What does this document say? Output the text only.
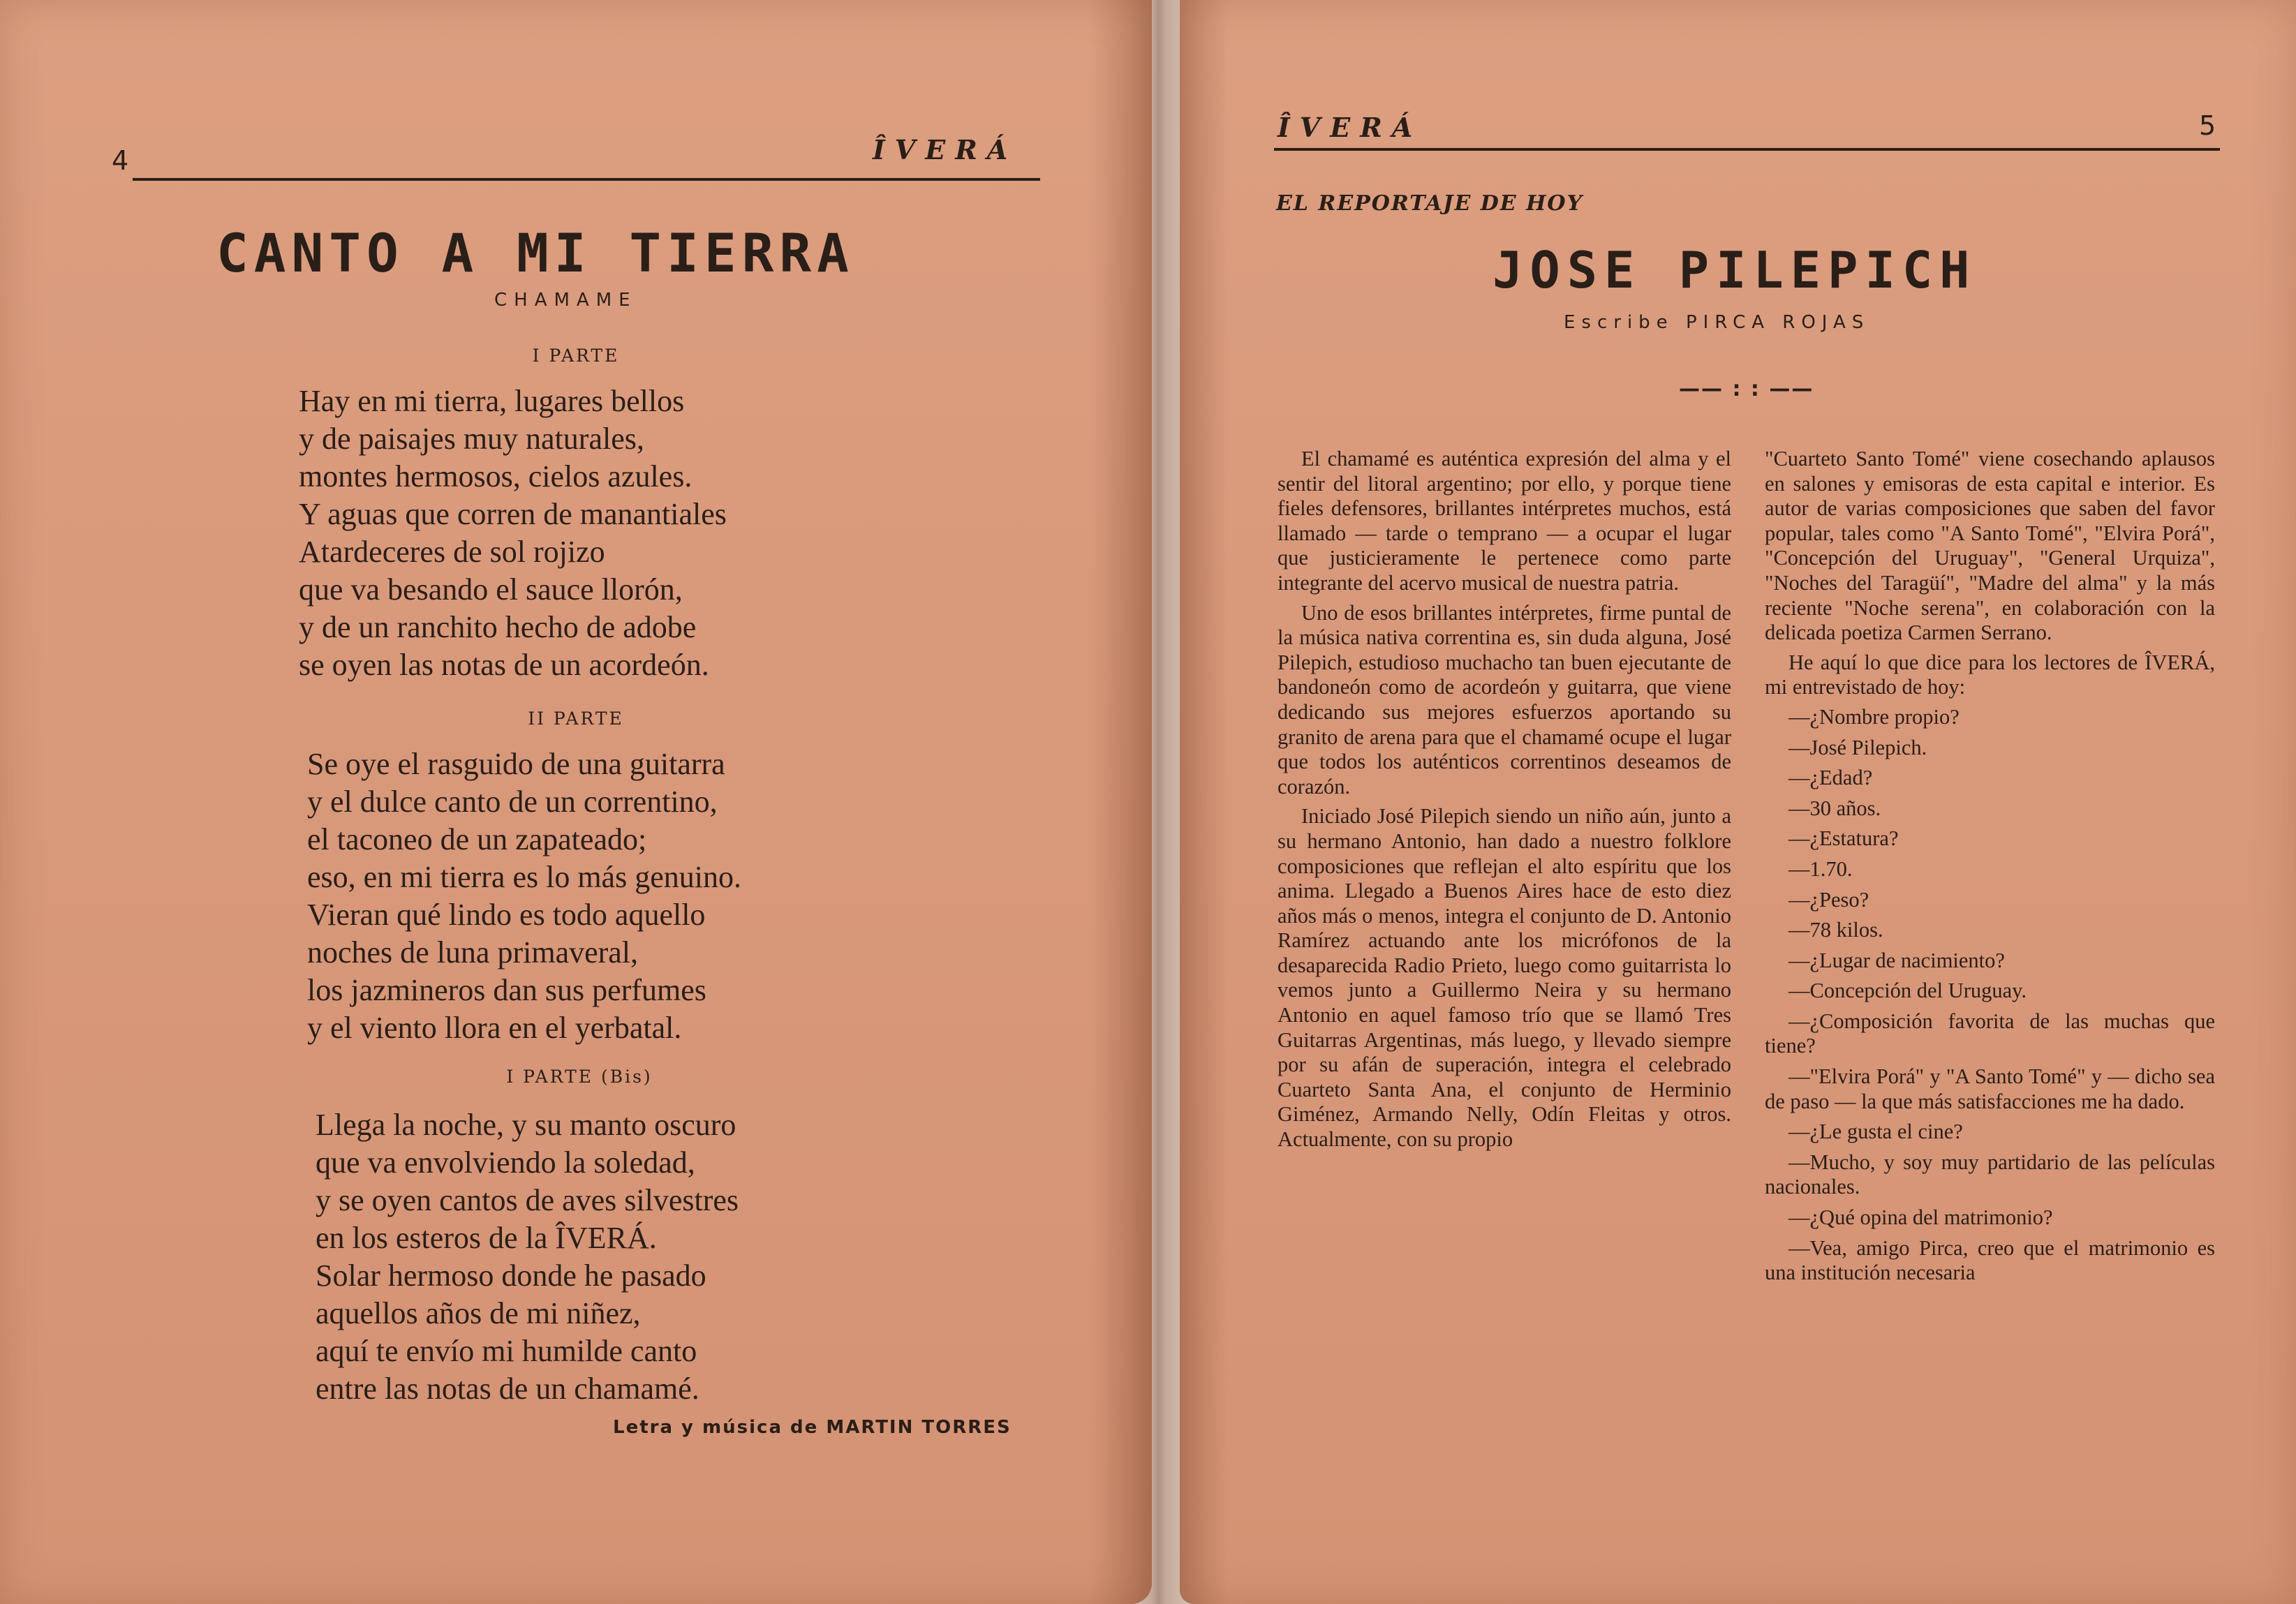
4	ÎVERÁ
CANTO A MI TIERRA
CHAMAME
I PARTE
Hay en mi tierra, lugares bellos
y de paisajes muy naturales,
montes hermosos, cielos azules.
Y aguas que corren de manantiales
Atardeceres de sol rojizo
que va besando el sauce llorón,
y de un ranchito hecho de adobe
se oyen las notas de un acordeón.
II PARTE
Se oye el rasguido de una guitarra
y el dulce canto de un correntino,
el taconeo de un zapateado;
eso, en mi tierra es lo más genuino.
Vieran qué lindo es todo aquello
noches de luna primaveral,
los jazmineros dan sus perfumes
y el viento llora en el yerbatal.
I PARTE (Bis)
Llega la noche, y su manto oscuro
que va envolviendo la soledad,
y se oyen cantos de aves silvestres
en los esteros de la ÎVERÁ.
Solar hermoso donde he pasado
aquellos años de mi niñez,
aquí te envío mi humilde canto
entre las notas de un chamamé.
Letra y música de MARTIN TORRES
ÎVERÁ	5
EL REPORTAJE DE HOY
JOSE PILEPICH
Escribe PIRCA ROJAS
—— : : ——

El chamamé es auténtica expresión del alma y el sentir del litoral argentino; por ello, y porque tiene fieles defensores, brillantes intérpretes muchos, está llamado — tarde o temprano — a ocupar el lugar que justicieramente le pertenece como parte integrante del acervo musical de nuestra patria.

Uno de esos brillantes intérpretes, firme puntal de la música nativa correntina es, sin duda alguna, José Pilepich, estudioso muchacho tan buen ejecutante de bandoneón como de acordeón y guitarra, que viene dedicando sus mejores esfuerzos aportando su granito de arena para que el chamamé ocupe el lugar que todos los auténticos correntinos deseamos de corazón.

Iniciado José Pilepich siendo un niño aún, junto a su hermano Antonio, han dado a nuestro folklore composiciones que reflejan el alto espíritu que los anima. Llegado a Buenos Aires hace de esto diez años más o menos, integra el conjunto de D. Antonio Ramírez actuando ante los micrófonos de la desaparecida Radio Prieto, luego como guitarrista lo vemos junto a Guillermo Neira y su hermano Antonio en aquel famoso trío que se llamó Tres Guitarras Argentinas, más luego, y llevado siempre por su afán de superación, integra el celebrado Cuarteto Santa Ana, el conjunto de Herminio Giménez, Armando Nelly, Odín Fleitas y otros. Actualmente, con su propio

"Cuarteto Santo Tomé" viene cosechando aplausos en salones y emisoras de esta capital e interior. Es autor de varias composiciones que saben del favor popular, tales como "A Santo Tomé", "Elvira Porá", "Concepción del Uruguay", "General Urquiza", "Noches del Taragüí", "Madre del alma" y la más reciente "Noche serena", en colaboración con la delicada poetiza Carmen Serrano.

He aquí lo que dice para los lectores de ÎVERÁ, mi entrevistado de hoy:

—¿Nombre propio?

—José Pilepich.

—¿Edad?

—30 años.

—¿Estatura?

—1.70.

—¿Peso?

—78 kilos.

—¿Lugar de nacimiento?

—Concepción del Uruguay.

—¿Composición favorita de las muchas que tiene?

—"Elvira Porá" y "A Santo Tomé" y — dicho sea de paso — la que más satisfacciones me ha dado.

—¿Le gusta el cine?

—Mucho, y soy muy partidario de las películas nacionales.

—¿Qué opina del matrimonio?

—Vea, amigo Pirca, creo que el matrimonio es una institución necesaria
